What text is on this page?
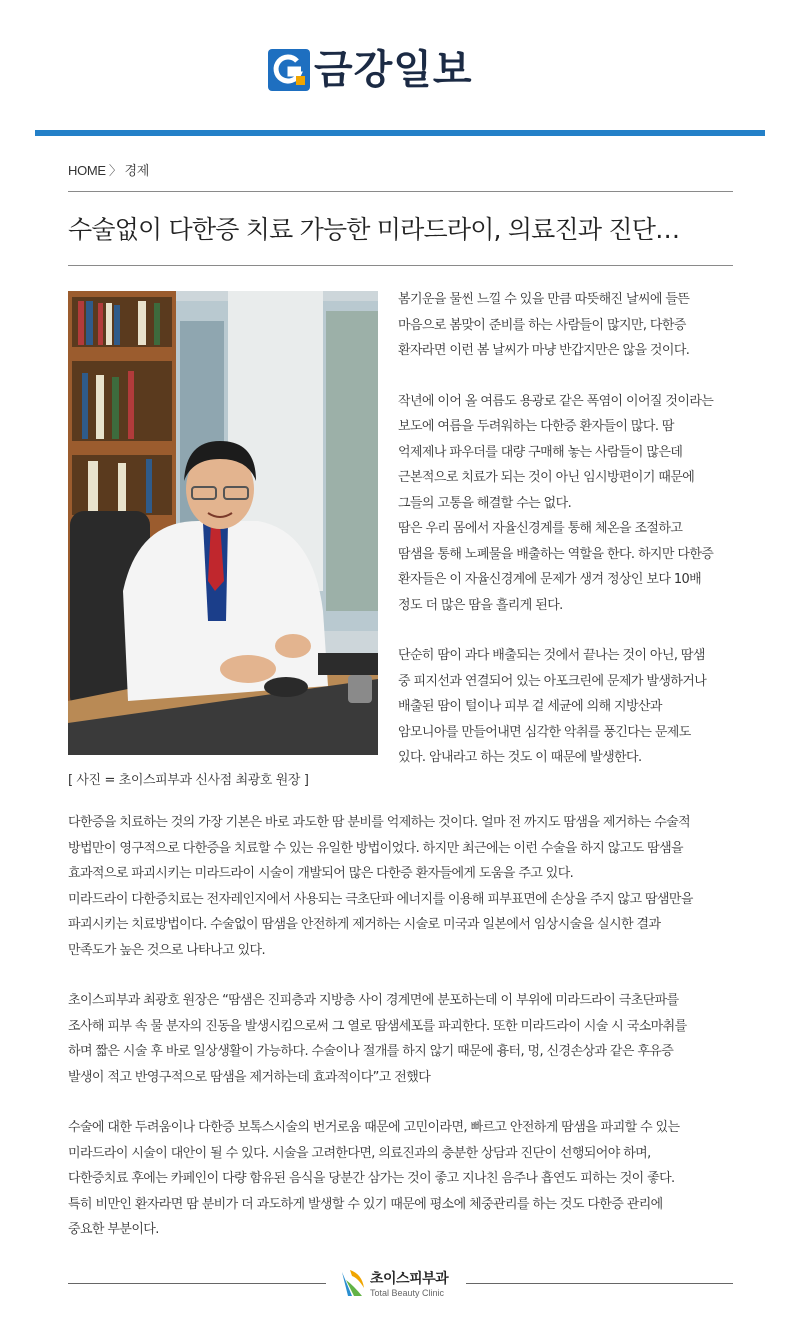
금강일보
HOME 〉 경제
수술없이 다한증 치료 가능한 미라드라이, 의료진과 진단…
[ 사진 = 초이스피부과 신사점 최광호 원장 ]

봄기운을 물씬 느낄 수 있을 만큼 따뜻해진 날씨에 들뜬
마음으로 봄맞이 준비를 하는 사람들이 많지만, 다한증
환자라면 이런 봄 날씨가 마냥 반갑지만은 않을 것이다.

작년에 이어 올 여름도 용광로 같은 폭염이 이어질 것이라는
보도에 여름을 두려워하는 다한증 환자들이 많다. 땀
억제제나 파우더를 대량 구매해 놓는 사람들이 많은데
근본적으로 치료가 되는 것이 아닌 임시방편이기 때문에
그들의 고통을 해결할 수는 없다.
땀은 우리 몸에서 자율신경계를 통해 체온을 조절하고
땀샘을 통해 노폐물을 배출하는 역할을 한다. 하지만 다한증
환자들은 이 자율신경계에 문제가 생겨 정상인 보다 10배
정도 더 많은 땀을 흘리게 된다.

단순히 땀이 과다 배출되는 것에서 끝나는 것이 아닌, 땀샘
중 피지선과 연결되어 있는 아포크린에 문제가 발생하거나
배출된 땀이 털이나 피부 겉 세균에 의해 지방산과
암모니아를 만들어내면 심각한 악취를 풍긴다는 문제도
있다. 암내라고 하는 것도 이 때문에 발생한다.

다한증을 치료하는 것의 가장 기본은 바로 과도한 땀 분비를 억제하는 것이다. 얼마 전 까지도 땀샘을 제거하는 수술적
방법만이 영구적으로 다한증을 치료할 수 있는 유일한 방법이었다. 하지만 최근에는 이런 수술을 하지 않고도 땀샘을
효과적으로 파괴시키는 미라드라이 시술이 개발되어 많은 다한증 환자들에게 도움을 주고 있다.
미라드라이 다한증치료는 전자레인지에서 사용되는 극초단파 에너지를 이용해 피부표면에 손상을 주지 않고 땀샘만을
파괴시키는 치료방법이다. 수술없이 땀샘을 안전하게 제거하는 시술로 미국과 일본에서 임상시술을 실시한 결과
만족도가 높은 것으로 나타나고 있다.

초이스피부과 최광호 원장은 “땀샘은 진피층과 지방층 사이 경계면에 분포하는데 이 부위에 미라드라이 극초단파를
조사해 피부 속 물 분자의 진동을 발생시킴으로써 그 열로 땀샘세포를 파괴한다. 또한 미라드라이 시술 시 국소마취를
하며 짧은 시술 후 바로 일상생활이 가능하다. 수술이나 절개를 하지 않기 때문에 흉터, 멍, 신경손상과 같은 후유증
발생이 적고 반영구적으로 땀샘을 제거하는데 효과적이다”고 전했다

수술에 대한 두려움이나 다한증 보톡스시술의 번거로움 때문에 고민이라면, 빠르고 안전하게 땀샘을 파괴할 수 있는
미라드라이 시술이 대안이 될 수 있다. 시술을 고려한다면, 의료진과의 충분한 상담과 진단이 선행되어야 하며,
다한증치료 후에는 카페인이 다량 함유된 음식을 당분간 삼가는 것이 좋고 지나친 음주나 흡연도 피하는 것이 좋다.
특히 비만인 환자라면 땀 분비가 더 과도하게 발생할 수 있기 때문에 평소에 체중관리를 하는 것도 다한증 관리에
중요한 부분이다.

초이스피부과
Total Beauty Clinic
